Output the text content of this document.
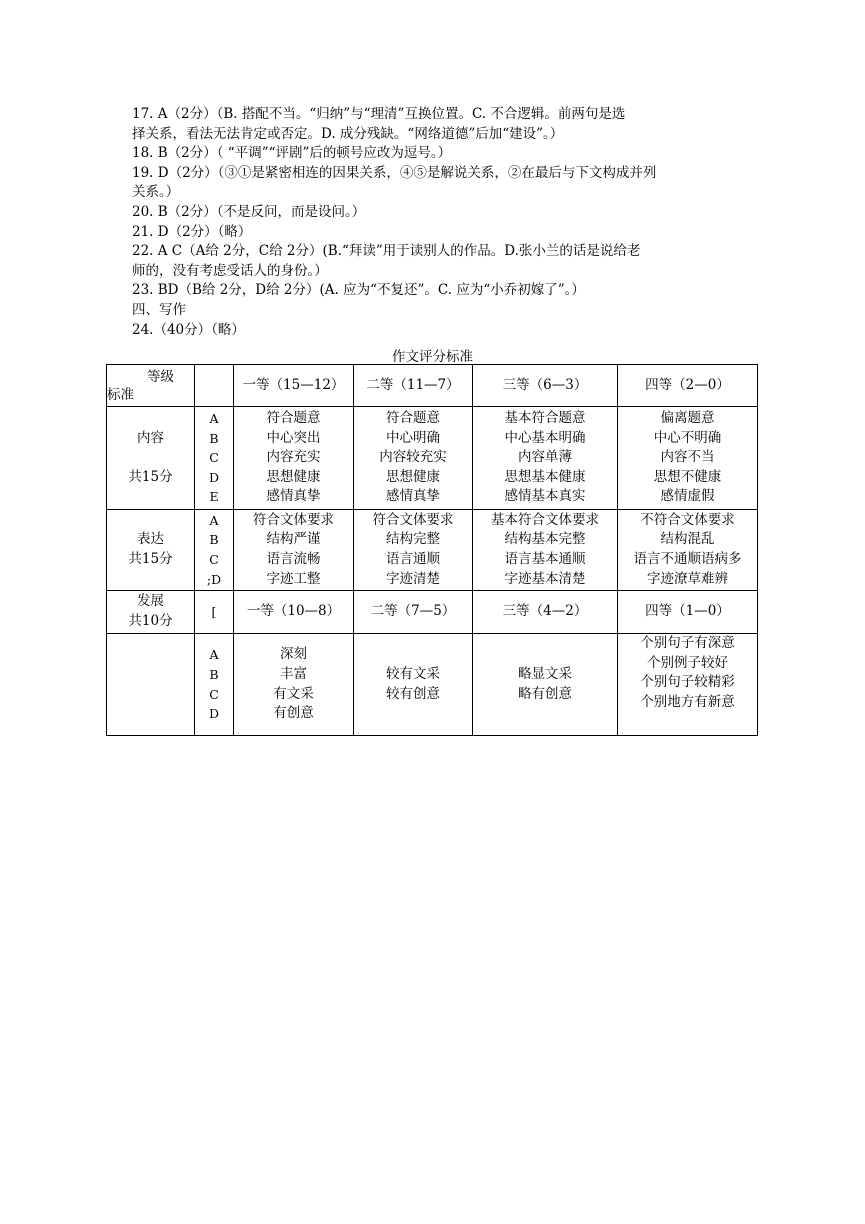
17. A（2分）（B. 搭配不当。“归纳”与“理清”互换位置。C. 不合逻辑。前两句是选

择关系，看法无法肯定或否定。D. 成分残缺。“网络道德”后加“建设”。）

18. B（2分）（ “平调”“评剧”后的顿号应改为逗号。）

19. D（2分）（③①是紧密相连的因果关系，④⑤是解说关系，②在最后与下文构成并列

关系。）

20. B（2分）（不是反问，而是设问。）

21. D（2分）（略）

22. A C（A给 2分，C给 2分）(B.“拜读”用于读别人的作品。D.张小兰的话是说给老

师的，没有考虑受话人的身份。）

23. BD（B给 2分，D给 2分）(A. 应为“不复还”。C. 应为“小乔初嫁了”。）

四、写作

24.（40分）（略）

作文评分标准
等级
标准		一等（15—12）	二等（11—7）	三等（6—3）	四等（2—0）

内容
共15分	A
B
C
D
E	符合题意
中心突出
内容充实
思想健康
感情真挚	符合题意
中心明确
内容较充实
思想健康
感情真挚	基本符合题意
中心基本明确
内容单薄
思想基本健康
感情基本真实	偏离题意
中心不明确
内容不当
思想不健康
感情虚假

表达
共15分	A
B
C
;D	符合文体要求
结构严谨
语言流畅
字迹工整	符合文体要求
结构完整
语言通顺
字迹清楚	基本符合文体要求
结构基本完整
语言基本通顺
字迹基本清楚	不符合文体要求
结构混乱
语言不通顺语病多
字迹潦草难辨

发展
共10分	[	一等（10—8）	二等（7—5）	三等（4—2）	四等（1—0）

	A
B
C
D	深刻
丰富
有文采
有创意	较有文采
较有创意	略显文采
略有创意	个别句子有深意
个别例子较好
个别句子较精彩
个别地方有新意
